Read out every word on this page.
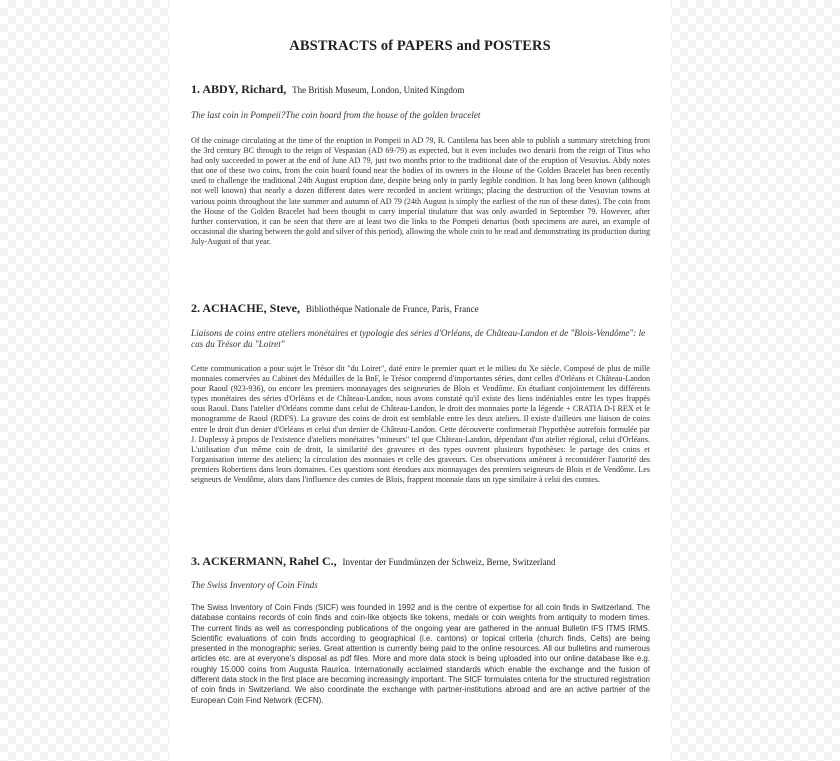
ABSTRACTS of PAPERS and POSTERS
1. ABDY, Richard, The British Museum, London, United Kingdom
The last coin in Pompeii?The coin hoard from the house of the golden bracelet
Of the coinage circulating at the time of the eruption in Pompeii in AD 79, R. Cantilena has been able to publish a summary stretching from the 3rd century BC through to the reign of Vespasian (AD 69-79) as expected, but it even includes two denarii from the reign of Titus who had only succeeded to power at the end of June AD 79, just two months prior to the traditional date of the eruption of Vesuvius. Abdy notes that one of these two coins, from the coin hoard found near the bodies of its owners in the House of the Golden Bracelet has been recently used to challenge the traditional 24th August eruption date, despite being only in partly legible condition. It has long been known (although not well known) that nearly a dozen different dates were recorded in ancient writings; placing the destruction of the Vesuvian towns at various points throughout the late summer and autumn of AD 79 (24th August is simply the earliest of the run of these dates). The coin from the House of the Golden Bracelet had been thought to carry imperial titulature that was only awarded in September 79. However, after further conservation, it can be seen that there are at least two die links to the Pompeii denarius (both specimens are aurei, an example of occasional die sharing between the gold and silver of this period), allowing the whole coin to be read and demonstrating its production during July-August of that year.
2. ACHACHE, Steve, Bibliothèque Nationale de France, Paris, France
Liaisons de coins entre ateliers monétaires et typologie des séries d'Orléans, de Château-Landon et de "Blois-Vendôme": le cas du Trésor du "Loiret"
Cette communication a pour sujet le Trésor dit "du Loiret", daté entre le premier quart et le milieu du Xe siècle. Composé de plus de mille monnaies conservées au Cabinet des Médailles de la BnF, le Trésor comprend d'importantes séries, dont celles d'Orléans et Château-Landon pour Raoul (923-936), ou encore les premiers monnayages des seigneuries de Blois et Vendôme. En étudiant conjointement les différents types monétaires des séries d'Orléans et de Château-Landon, nous avons constaté qu'il existe des liens indéniables entre les types frappés sous Raoul. Dans l'atelier d'Orléans comme dans celui de Château-Landon, le droit des monnaies porte la légende + CRATIA D-I REX et le monogramme de Raoul (RDFS). La gravure des coins de droit est semblable entre les deux ateliers. Il existe d'ailleurs une liaison de coins entre le droit d'un denier d'Orléans et celui d'un denier de Château-Landon. Cette découverte confirmerait l'hypothèse autrefois formulée par J. Duplessy à propos de l'existence d'ateliers monétaires "mineurs" tel que Château-Landon, dépendant d'un atelier régional, celui d'Orléans. L'utilisation d'un même coin de droit, la similarité des gravures et des types ouvrent plusieurs hypothèses: le partage des coins et l'organisation interne des ateliers; la circulation des monnaies et celle des graveurs. Ces observations amènent à reconsidérer l'autorité des premiers Robertiens dans leurs domaines. Ces questions sont étendues aux monnayages des premiers seigneurs de Blois et de Vendôme. Les seigneurs de Vendôme, alors dans l'influence des comtes de Blois, frappent monnaie dans un type similaire à celui des comtes.
3. ACKERMANN, Rahel C., Inventar der Fundmünzen der Schweiz, Berne, Switzerland
The Swiss Inventory of Coin Finds
The Swiss Inventory of Coin Finds (SICF) was founded in 1992 and is the centre of expertise for all coin finds in Switzerland. The database contains records of coin finds and coin-like objects like tokens, medals or coin weights from antiquity to modern times. The current finds as well as corresponding publications of the ongoing year are gathered in the annual Bulletin IFS ITMS IRMS. Scientific evaluations of coin finds according to geographical (i.e. cantons) or topical criteria (church finds, Celts) are being presented in the monographic series. Great attention is currently being paid to the online resources. All our bulletins and numerous articles etc. are at everyone's disposal as pdf files. More and more data stock is being uploaded into our online database like e.g. roughly 15.000 coins from Augusta Raurica. Internationally acclaimed standards which enable the exchange and the fusion of different data stock in the first place are becoming increasingly important. The SICF formulates criteria for the structured registration of coin finds in Switzerland. We also coordinate the exchange with partner-institutions abroad and are an active partner of the European Coin Find Network (ECFN).
